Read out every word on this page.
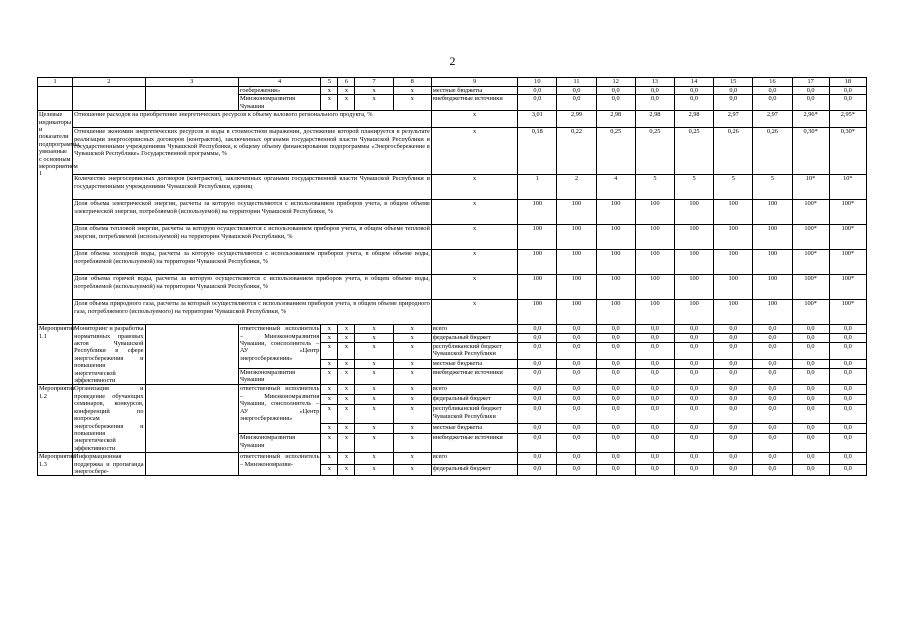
2
1	2	3	4	5	6	7	8	9	10	11	12	13	14	15	16	17	18
			гоебережения»	x	x	x	x	местные бюджеты	0,0	0,0	0,0	0,0	0,0	0,0	0,0	0,0	0,0
			Минэкономразвития Чувашии	x	x	x	x	внебюджетные источники	0,0	0,0	0,0	0,0	0,0	0,0	0,0	0,0	0,0
Целевые индикаторы и показатели подпрограммы, увязанные с основным мероприятием 1	Отношение расходов на приобретение энергетических ресурсов к объему валового регионального продукта, %							x	3,01	2,99	2,98	2,98	2,98	2,97	2,97	2,96*	2,95*
	Отношение экономии энергетических ресурсов и воды в стоимостном выражении, достижение которой планируется в результате реализации энергосервисных договоров (контрактов), заключенных органами государственной власти Чувашской Республики и государственными учреждениями Чувашской Республики, к общему объему финансирования подпрограммы «Энергосбережение в Чувашской Республике» Государственной программы, %							x	0,18	0,22	0,25	0,25	0,25	0,26	0,26	0,30*	0,30*
	Количество энергосервисных договоров (контрактов), заключенных органами государственной власти Чувашской Республики и государственными учреждениями Чувашской Республики, единиц							x	1	2	4	5	5	5	5	10*	10*
	Доля объема электрической энергии, расчеты за которую осуществляются с использованием приборов учета, в общем объеме электрической энергии, потребляемой (используемой) на территории Чувашской Республики, %							x	100	100	100	100	100	100	100	100*	100*
	Доля объема тепловой энергии, расчеты за которую осуществляются с использованием приборов учета, в общем объеме тепловой энергии, потребляемой (используемой) на территории Чувашской Республики, %							x	100	100	100	100	100	100	100	100*	100*
	Доля объема холодной воды, расчеты за которую осуществляются с использованием приборов учета, в общем объеме воды, потребляемой (используемой) на территории Чувашской Республики, %							x	100	100	100	100	100	100	100	100*	100*
	Доля объема горячей воды, расчеты за которую осуществляются с использованием приборов учета, в общем объеме воды, потребляемой (используемой) на территории Чувашской Республики, %							x	100	100	100	100	100	100	100	100*	100*
	Доля объема природного газа, расчеты за который осуществляются с использованием приборов учета, в общем объеме природного газа, потребляемого (используемого) на территории Чувашской Республики, %							x	100	100	100	100	100	100	100	100*	100*
Мероприятие 1.1	Мониторинг и разработка нормативных правовых актов Чувашской Республики в сфере энергосбережения и повышения энергетической эффективности		ответственный исполнитель – Минэкономразвития Чувашии, соисполнитель – АУ «Центр энергосбережения»	x	x	x	x	всего	0,0	0,0	0,0	0,0	0,0	0,0	0,0	0,0	0,0
				x	x	x	x	федеральный бюджет	0,0	0,0	0,0	0,0	0,0	0,0	0,0	0,0	0,0
				x	x	x	x	республиканский бюджет Чувашской Республики	0,0	0,0	0,0	0,0	0,0	0,0	0,0	0,0	0,0
				x	x	x	x	местные бюджеты	0,0	0,0	0,0	0,0	0,0	0,0	0,0	0,0	0,0
			Минэкономразвития Чувашии	x	x	x	x	внебюджетные источники	0,0	0,0	0,0	0,0	0,0	0,0	0,0	0,0	0,0
Мероприятие 1.2	Организация и проведение обучающих семинаров, конкурсов, конференций по вопросам энергосбережения и повышения энергетической эффективности		ответственный исполнитель – Минэкономразвития Чувашии, соисполнитель – АУ «Центр энергосбережения»	x	x	x	x	всего	0,0	0,0	0,0	0,0	0,0	0,0	0,0	0,0	0,0
				x	x	x	x	федеральный бюджет	0,0	0,0	0,0	0,0	0,0	0,0	0,0	0,0	0,0
				x	x	x	x	республиканский бюджет Чувашской Республики	0,0	0,0	0,0	0,0	0,0	0,0	0,0	0,0	0,0
				x	x	x	x	местные бюджеты	0,0	0,0	0,0	0,0	0,0	0,0	0,0	0,0	0,0
			Минэкономразвития Чувашии	x	x	x	x	внебюджетные источники	0,0	0,0	0,0	0,0	0,0	0,0	0,0	0,0	0,0
Мероприятие 1.3	Информационная поддержка и пропаганда энергосбере-		ответственный исполнитель – Минэкономразви-	x	x	x	x	всего	0,0	0,0	0,0	0,0	0,0	0,0	0,0	0,0	0,0
				x	x	x	x	федеральный бюджет	0,0	0,0	0,0	0,0	0,0	0,0	0,0	0,0	0,0
